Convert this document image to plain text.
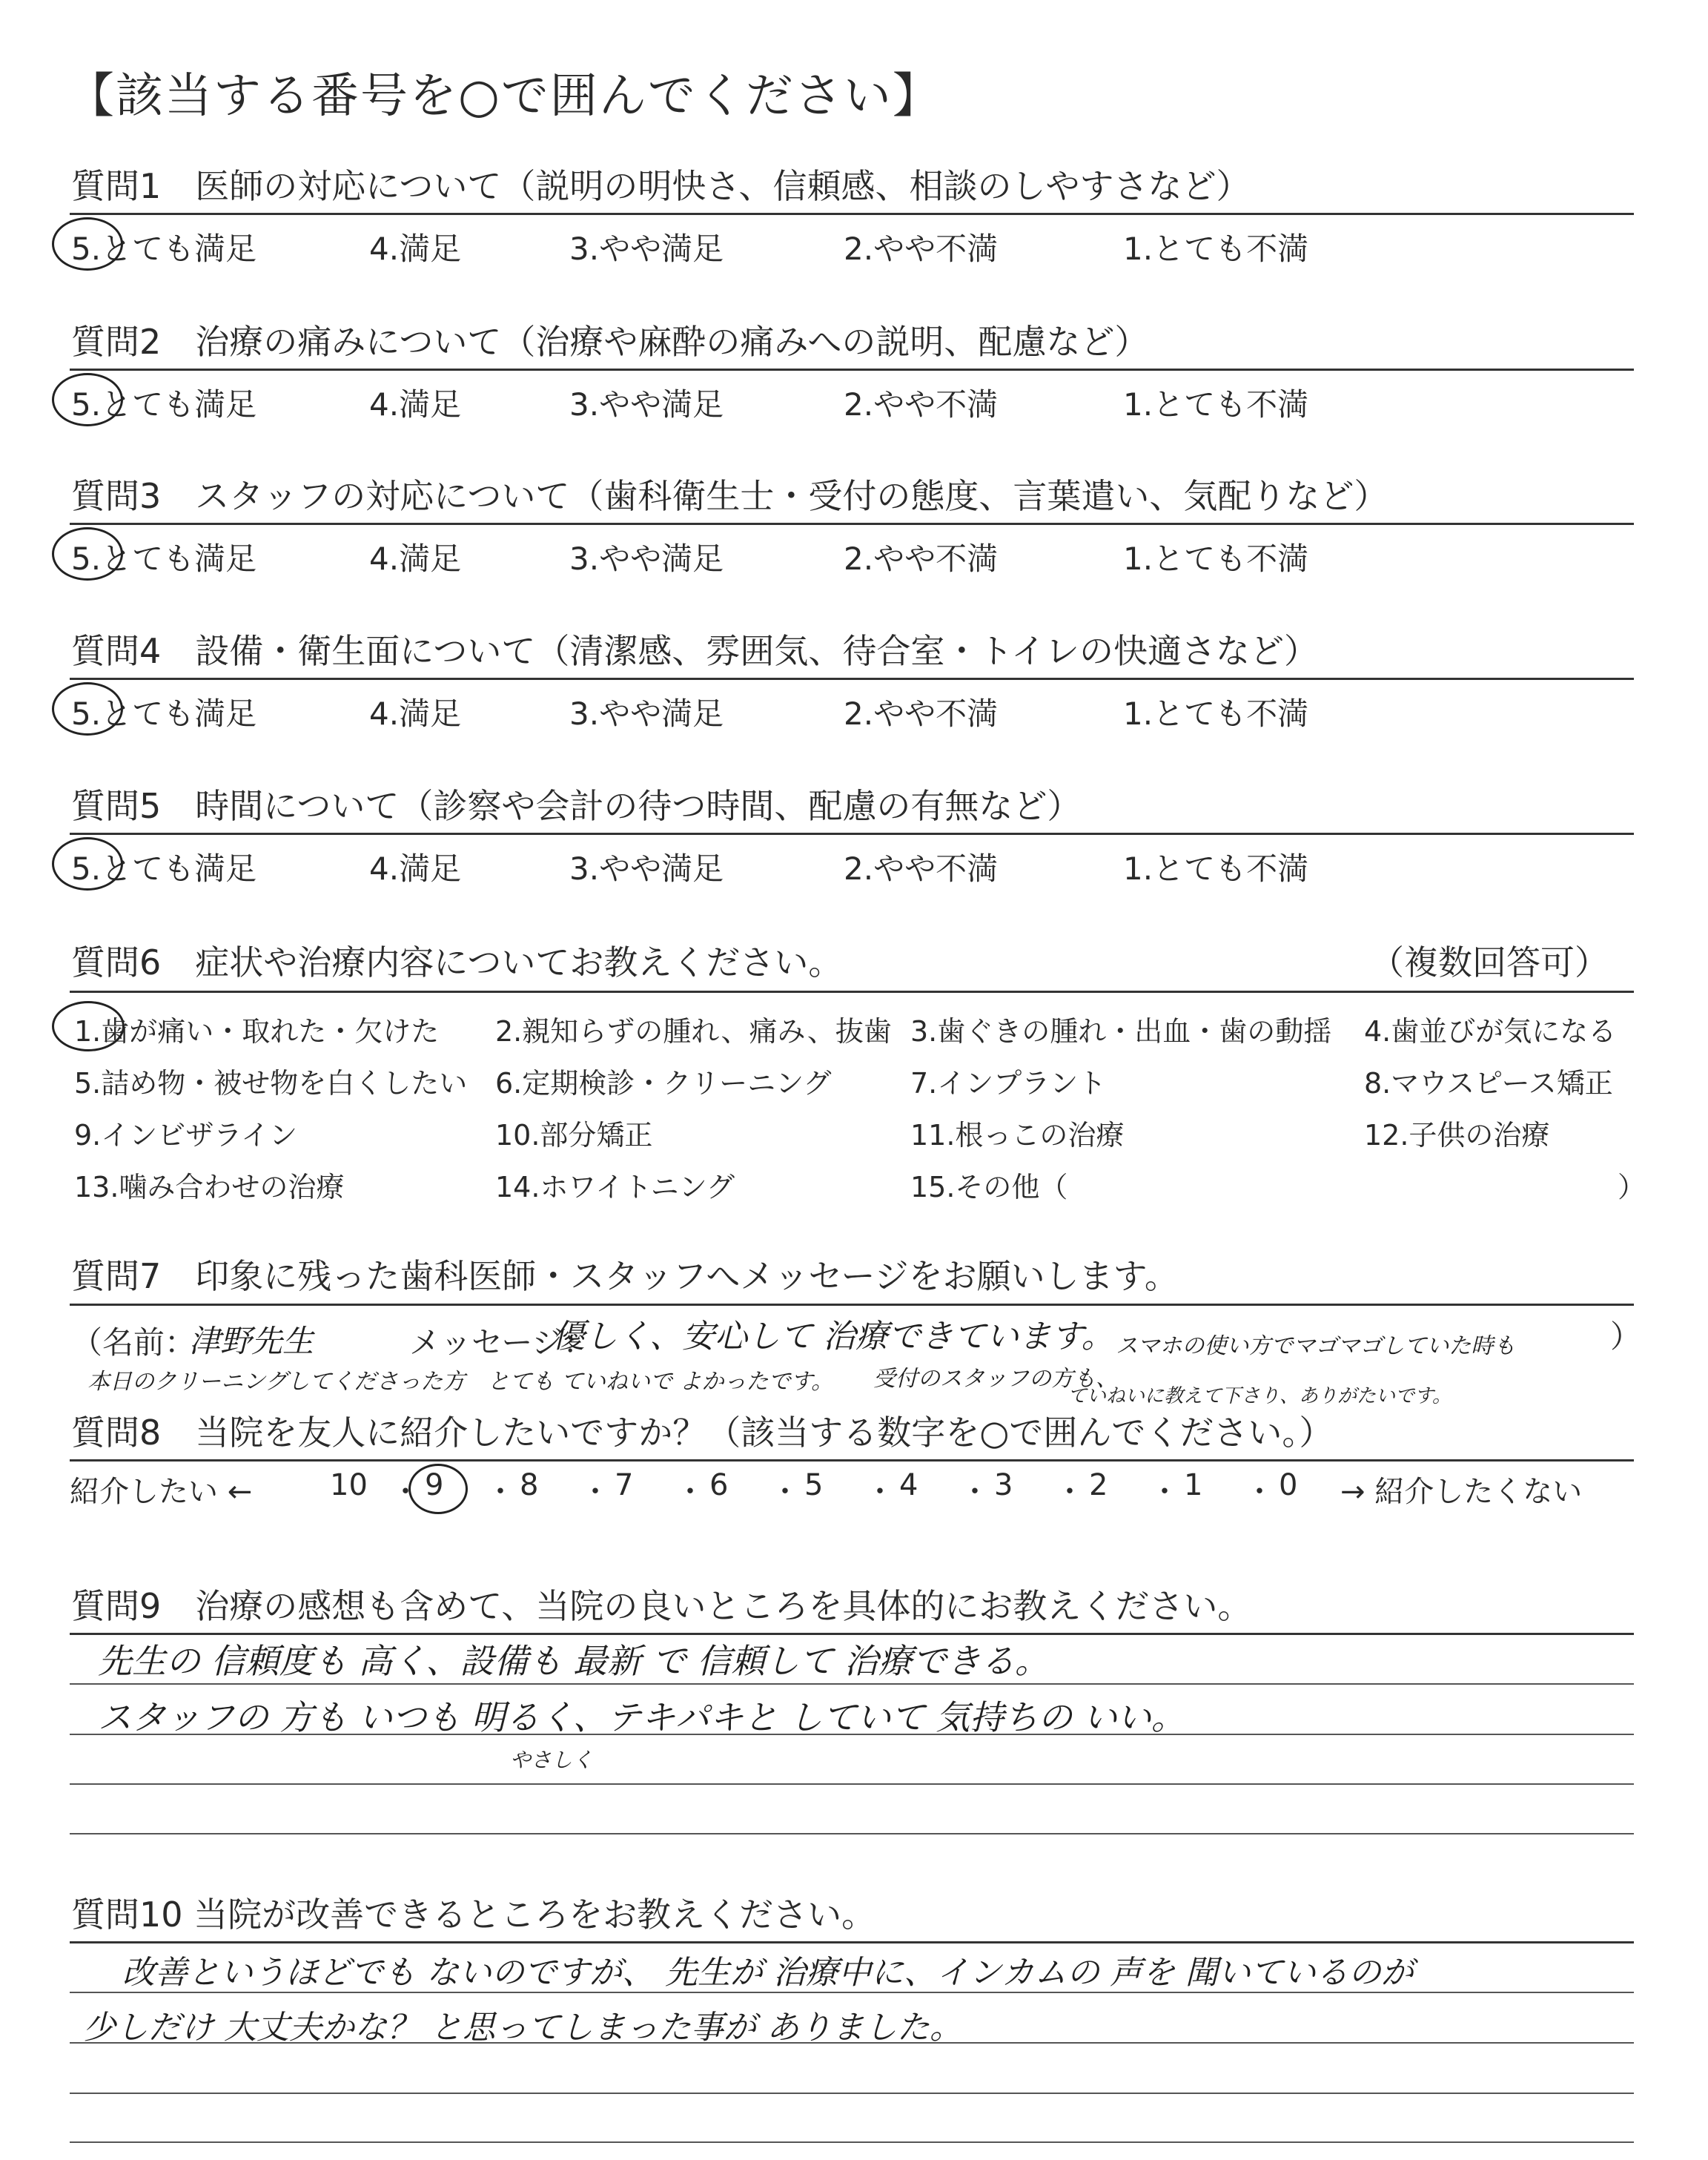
【該当する番号を○で囲んでください】
質問1　医師の対応について（説明の明快さ、信頼感、相談のしやすさなど）
5.とても満足	4.満足	3.やや満足	2.やや不満	1.とても不満
質問2　治療の痛みについて（治療や麻酔の痛みへの説明、配慮など）
5.とても満足	4.満足	3.やや満足	2.やや不満	1.とても不満
質問3　スタッフの対応について（歯科衛生士・受付の態度、言葉遣い、気配りなど）
5.とても満足	4.満足	3.やや満足	2.やや不満	1.とても不満
質問4　設備・衛生面について（清潔感、雰囲気、待合室・トイレの快適さなど）
5.とても満足	4.満足	3.やや満足	2.やや不満	1.とても不満
質問5　時間について（診察や会計の待つ時間、配慮の有無など）
5.とても満足	4.満足	3.やや満足	2.やや不満	1.とても不満
質問6　症状や治療内容についてお教えください。	（複数回答可）
1.歯が痛い・取れた・欠けた 2.親知らずの腫れ、痛み、抜歯 3.歯ぐきの腫れ・出血・歯の動揺 4.歯並びが気になる
5.詰め物・被せ物を白くしたい 6.定期検診・クリーニング	7.インプラント	8.マウスピース矯正
9.インビザライン	10.部分矯正	11.根っこの治療	12.子供の治療
13.噛み合わせの治療	14.ホワイトニング	15.その他（	）
質問7　印象に残った歯科医師・スタッフへメッセージをお願いします。
（名前：
津野先生	メッセージ：
優しく、安心して 治療できています。 スマホの使い方でマゴマゴしていた時も	）
本日のクリーニングしてくださった方　とても ていねいで よかったです。 受付のスタッフの方も、
ていねいに教えて下さり、ありがたいです。
質問8　当院を友人に紹介したいですか？（該当する数字を○で囲んでください。）
紹介したい ←	10 ・ 9 ・ 8 ・ 7 ・ 6 ・ 5 ・ 4 ・ 3 ・ 2 ・ 1 ・ 0 → 紹介したくない
質問9　治療の感想も含めて、当院の良いところを具体的にお教えください。
先生の 信頼度も 高く、設備も 最新 で 信頼して 治療できる。
スタッフの 方も いつも 明るく、テキパキと していて 気持ちの いい。
やさしく
質問10 当院が改善できるところをお教えください。
改善というほどでも ないのですが、 先生が 治療中に、インカムの 声を 聞いているのが
少しだけ 大丈夫かな？ と思ってしまった事が ありました。
